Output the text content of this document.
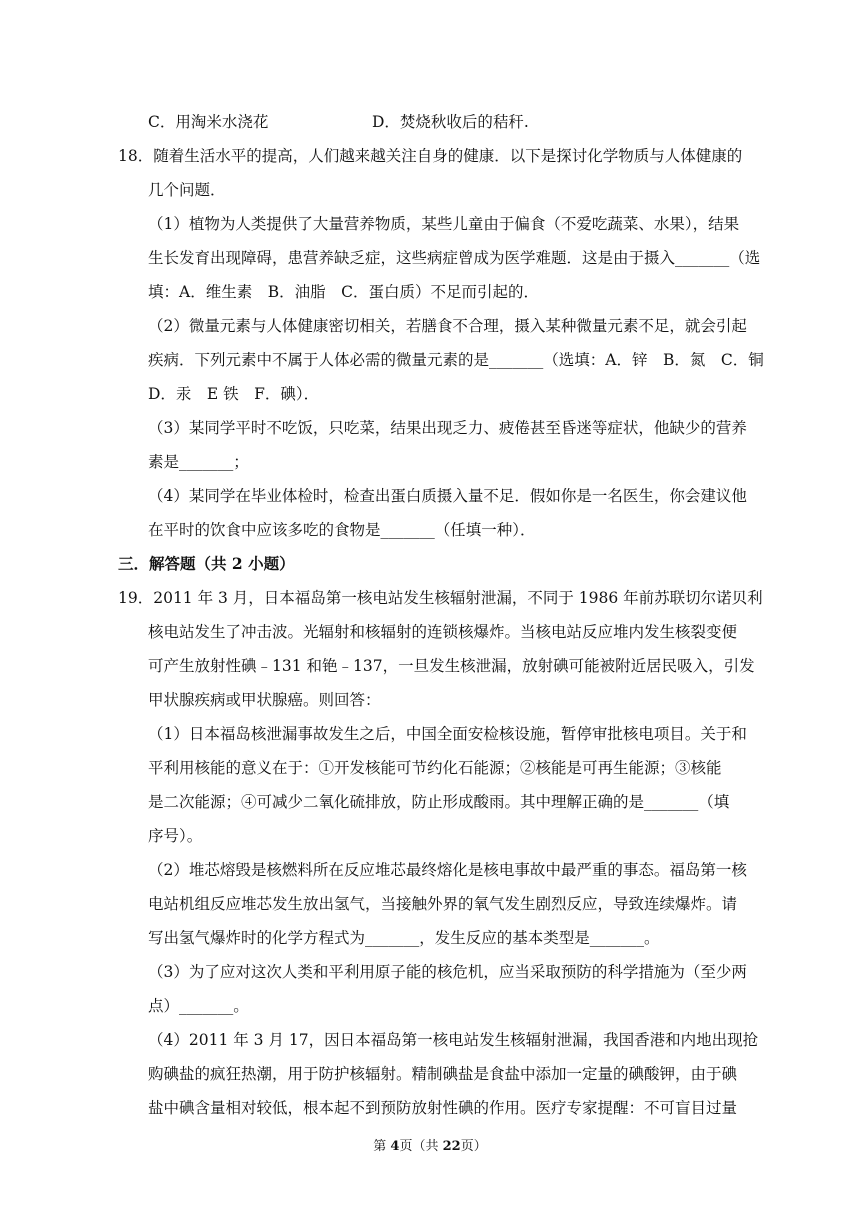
C．用淘米水浇花	D．焚烧秋收后的秸秆.
18．随着生活水平的提高，人们越来越关注自身的健康．以下是探讨化学物质与人体健康的
几个问题．
（1）植物为人类提供了大量营养物质，某些儿童由于偏食（不爱吃蔬菜、水果），结果
生长发育出现障碍，患营养缺乏症，这些病症曾成为医学难题．这是由于摄入_______（选
填：A．维生素　B．油脂　C．蛋白质）不足而引起的．
（2）微量元素与人体健康密切相关，若膳食不合理，摄入某种微量元素不足，就会引起
疾病．下列元素中不属于人体必需的微量元素的是_______（选填：A．锌　B．氮　C．铜
D．汞　E 铁　F．碘）．
（3）某同学平时不吃饭，只吃菜，结果出现乏力、疲倦甚至昏迷等症状，他缺少的营养
素是_______；
（4）某同学在毕业体检时，检查出蛋白质摄入量不足．假如你是一名医生，你会建议他
在平时的饮食中应该多吃的食物是_______（任填一种）．
三．解答题（共 2 小题）
19．2011 年 3 月，日本福岛第一核电站发生核辐射泄漏，不同于 1986 年前苏联切尔诺贝利
核电站发生了冲击波。光辐射和核辐射的连锁核爆炸。当核电站反应堆内发生核裂变便
可产生放射性碘﹣131 和铯﹣137，一旦发生核泄漏，放射碘可能被附近居民吸入，引发
甲状腺疾病或甲状腺癌。则回答：
（1）日本福岛核泄漏事故发生之后，中国全面安检核设施，暂停审批核电项目。关于和
平利用核能的意义在于：①开发核能可节约化石能源；②核能是可再生能源；③核能
是二次能源；④可减少二氧化硫排放，防止形成酸雨。其中理解正确的是_______（填
序号）。
（2）堆芯熔毁是核燃料所在反应堆芯最终熔化是核电事故中最严重的事态。福岛第一核
电站机组反应堆芯发生放出氢气，当接触外界的氧气发生剧烈反应，导致连续爆炸。请
写出氢气爆炸时的化学方程式为_______，发生反应的基本类型是_______。
（3）为了应对这次人类和平利用原子能的核危机，应当采取预防的科学措施为（至少两
点）_______。
（4）2011 年 3 月 17，因日本福岛第一核电站发生核辐射泄漏，我国香港和内地出现抢
购碘盐的疯狂热潮，用于防护核辐射。精制碘盐是食盐中添加一定量的碘酸钾，由于碘
盐中碘含量相对较低，根本起不到预防放射性碘的作用。医疗专家提醒：不可盲目过量
第 4页（共 22页）
